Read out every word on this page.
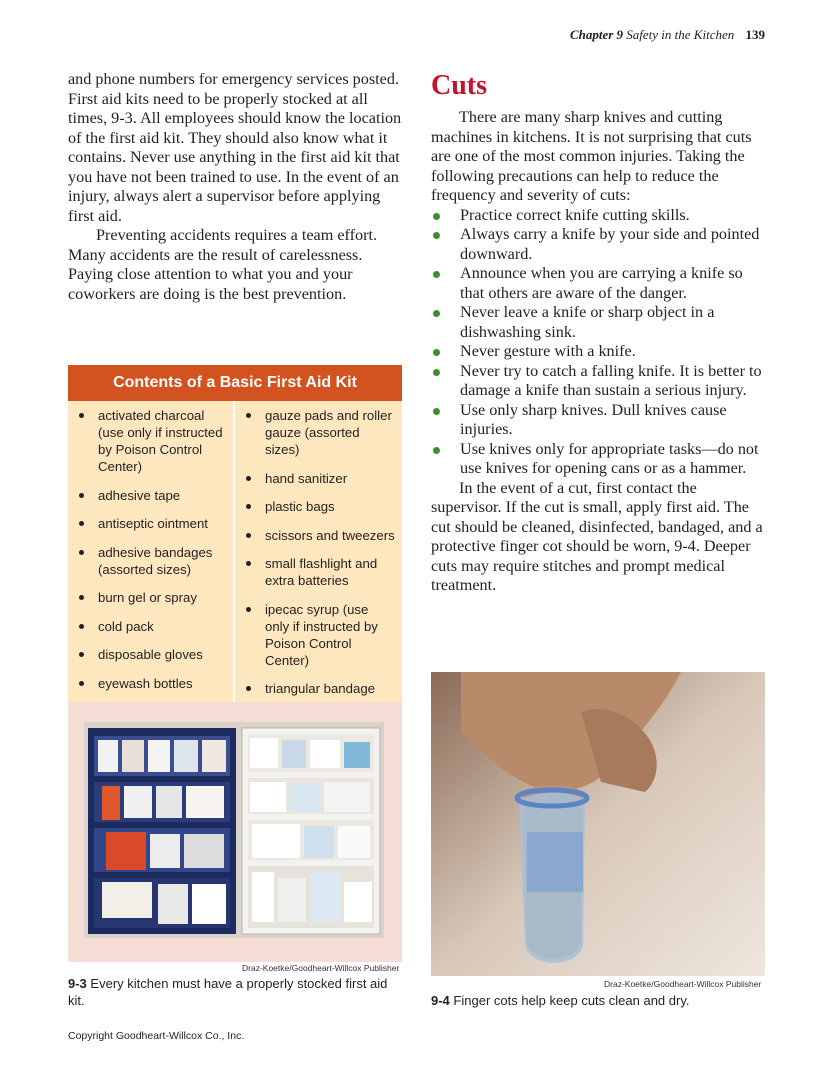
Chapter 9 Safety in the Kitchen 139

and phone numbers for emergency services posted. First aid kits need to be properly stocked at all times, 9-3. All employees should know the location of the first aid kit. They should also know what it contains. Never use anything in the first aid kit that you have not been trained to use. In the event of an injury, always alert a supervisor before applying first aid.

Preventing accidents requires a team effort. Many accidents are the result of carelessness. Paying close attention to what you and your coworkers are doing is the best prevention.

Contents of a Basic First Aid Kit
activated charcoal (use only if instructed by Poison Control Center)
adhesive tape
antiseptic ointment
adhesive bandages (assorted sizes)
burn gel or spray
cold pack
disposable gloves
eyewash bottles
gauze pads and roller gauze (assorted sizes)
hand sanitizer
plastic bags
scissors and tweezers
small flashlight and extra batteries
ipecac syrup (use only if instructed by Poison Control Center)
triangular bandage
Draz-Koetke/Goodheart-Willcox Publisher
9-3 Every kitchen must have a properly stocked first aid kit.
Cuts

There are many sharp knives and cutting machines in kitchens. It is not surprising that cuts are one of the most common injuries. Taking the following precautions can help to reduce the frequency and severity of cuts:

Practice correct knife cutting skills.
Always carry a knife by your side and pointed downward.
Announce when you are carrying a knife so that others are aware of the danger.
Never leave a knife or sharp object in a dishwashing sink.
Never gesture with a knife.
Never try to catch a falling knife. It is better to damage a knife than sustain a serious injury.
Use only sharp knives. Dull knives cause injuries.
Use knives only for appropriate tasks—do not use knives for opening cans or as a hammer.

In the event of a cut, first contact the supervisor. If the cut is small, apply first aid. The cut should be cleaned, disinfected, bandaged, and a protective finger cot should be worn, 9-4. Deeper cuts may require stitches and prompt medical treatment.

Draz-Koetke/Goodheart-Willcox Publisher
9-4 Finger cots help keep cuts clean and dry.
Copyright Goodheart-Willcox Co., Inc.
